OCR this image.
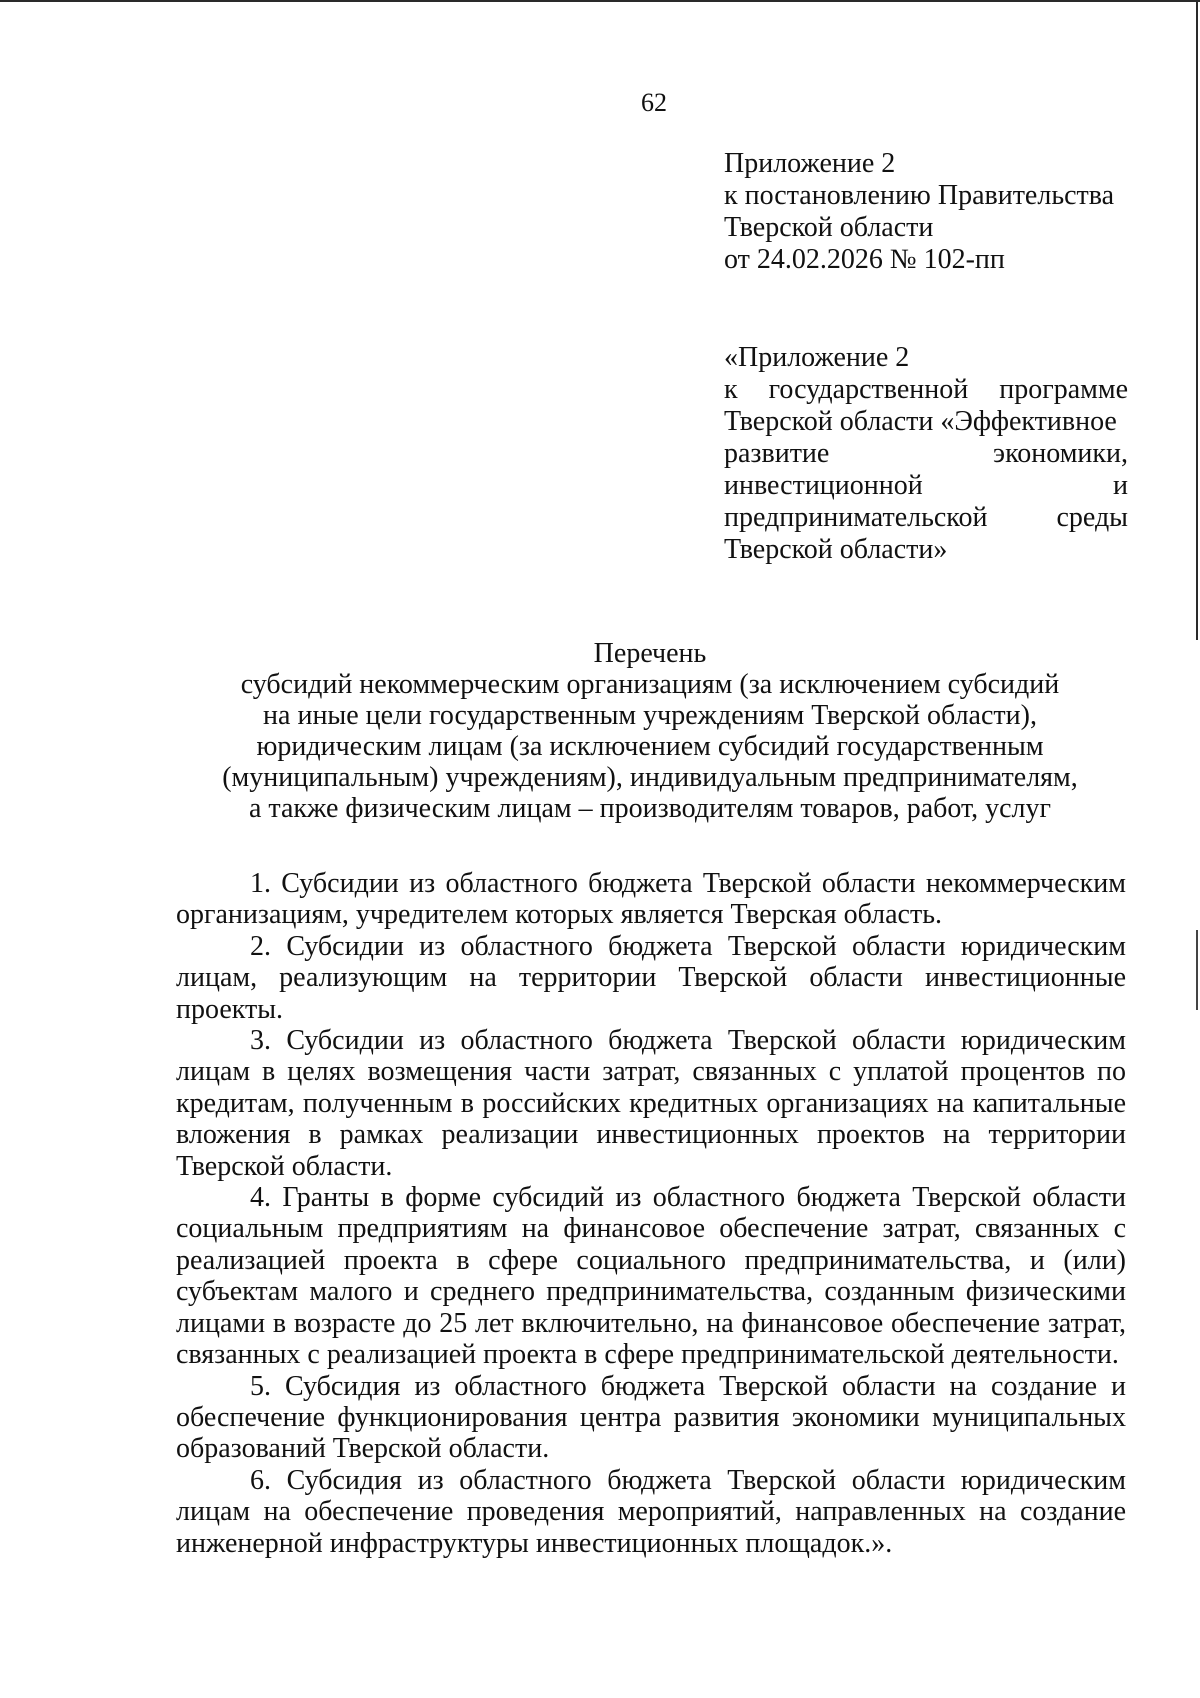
62
Приложение 2
к постановлению Правительства
Тверской области
от 24.02.2026 № 102-пп
«Приложение 2
к государственной программе
Тверской области «Эффективное
развитие	экономики,
инвестиционной	и
предпринимательской среды
Тверской области»
Перечень
субсидий некоммерческим организациям (за исключением субсидий
на иные цели государственным учреждениям Тверской области),
юридическим лицам (за исключением субсидий государственным
(муниципальным) учреждениям), индивидуальным предпринимателям,
а также физическим лицам – производителям товаров, работ, услуг

1. Субсидии из областного бюджета Тверской области некоммерческим организациям, учредителем которых является Тверская область.

2. Субсидии из областного бюджета Тверской области юридическим лицам, реализующим на территории Тверской области инвестиционные проекты.

3. Субсидии из областного бюджета Тверской области юридическим лицам в целях возмещения части затрат, связанных с уплатой процентов по кредитам, полученным в российских кредитных организациях на капитальные вложения в рамках реализации инвестиционных проектов на территории Тверской области.

4. Гранты в форме субсидий из областного бюджета Тверской области социальным предприятиям на финансовое обеспечение затрат, связанных с реализацией проекта в сфере социального предпринимательства, и (или) субъектам малого и среднего предпринимательства, созданным физическими лицами в возрасте до 25 лет включительно, на финансовое обеспечение затрат, связанных с реализацией проекта в сфере предпринимательской деятельности.

5. Субсидия из областного бюджета Тверской области на создание и обеспечение функционирования центра развития экономики муниципальных образований Тверской области.

6. Субсидия из областного бюджета Тверской области юридическим лицам на обеспечение проведения мероприятий, направленных на создание инженерной инфраструктуры инвестиционных площадок.».
